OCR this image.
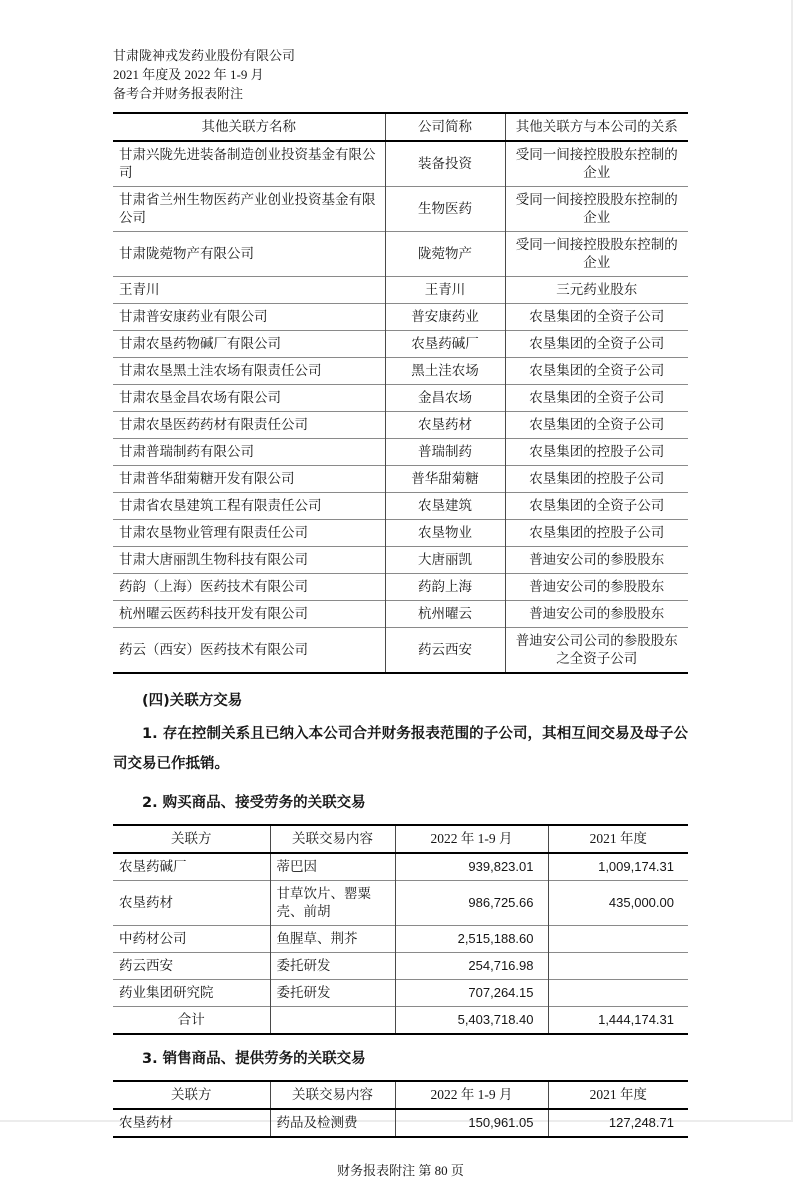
甘肃陇神戎发药业股份有限公司
2021 年度及 2022 年 1-9 月
备考合并财务报表附注
其他关联方名称	公司简称	其他关联方与本公司的关系
甘肃兴陇先进装备制造创业投资基金有限公司	装备投资	受同一间接控股股东控制的企业
甘肃省兰州生物医药产业创业投资基金有限公司	生物医药	受同一间接控股股东控制的企业
甘肃陇菀物产有限公司	陇菀物产	受同一间接控股股东控制的企业
王青川	王青川	三元药业股东
甘肃普安康药业有限公司	普安康药业	农垦集团的全资子公司
甘肃农垦药物碱厂有限公司	农垦药碱厂	农垦集团的全资子公司
甘肃农垦黑土洼农场有限责任公司	黑土洼农场	农垦集团的全资子公司
甘肃农垦金昌农场有限公司	金昌农场	农垦集团的全资子公司
甘肃农垦医药药材有限责任公司	农垦药材	农垦集团的全资子公司
甘肃普瑞制药有限公司	普瑞制药	农垦集团的控股子公司
甘肃普华甜菊糖开发有限公司	普华甜菊糖	农垦集团的控股子公司
甘肃省农垦建筑工程有限责任公司	农垦建筑	农垦集团的全资子公司
甘肃农垦物业管理有限责任公司	农垦物业	农垦集团的控股子公司
甘肃大唐丽凯生物科技有限公司	大唐丽凯	普迪安公司的参股股东
药韵（上海）医药技术有限公司	药韵上海	普迪安公司的参股股东
杭州曜云医药科技开发有限公司	杭州曜云	普迪安公司的参股股东
药云（西安）医药技术有限公司	药云西安	普迪安公司公司的参股股东之全资子公司
(四)关联方交易

1. 存在控制关系且已纳入本公司合并财务报表范围的子公司，其相互间交易及母子公司交易已作抵销。

2. 购买商品、接受劳务的关联交易
关联方	关联交易内容	2022 年 1-9 月	2021 年度
农垦药碱厂	蒂巴因	939,823.01	1,009,174.31
农垦药材	甘草饮片、罂粟壳、前胡	986,725.66	435,000.00
中药材公司	鱼腥草、荆芥	2,515,188.60	
药云西安	委托研发	254,716.98	
药业集团研究院	委托研发	707,264.15	
合计		5,403,718.40	1,444,174.31
3. 销售商品、提供劳务的关联交易
关联方	关联交易内容	2022 年 1-9 月	2021 年度
农垦药材	药品及检测费	150,961.05	127,248.71
财务报表附注 第 80 页
